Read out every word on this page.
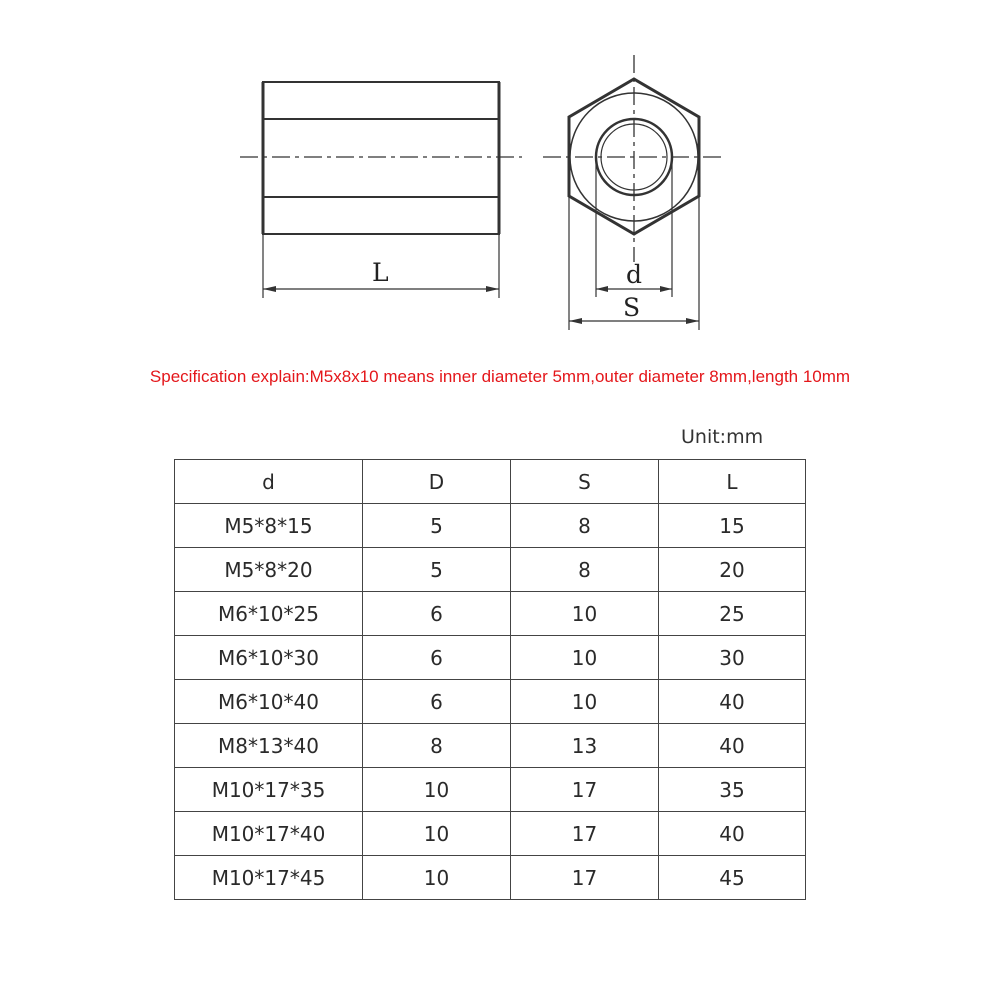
L	d
S
Specification explain:M5x8x10 means inner diameter 5mm,outer diameter 8mm,length 10mm
Unit:mm
d	D	S	L
M5*8*15	5	8	15
M5*8*20	5	8	20
M6*10*25	6	10	25
M6*10*30	6	10	30
M6*10*40	6	10	40
M8*13*40	8	13	40
M10*17*35	10	17	35
M10*17*40	10	17	40
M10*17*45	10	17	45
